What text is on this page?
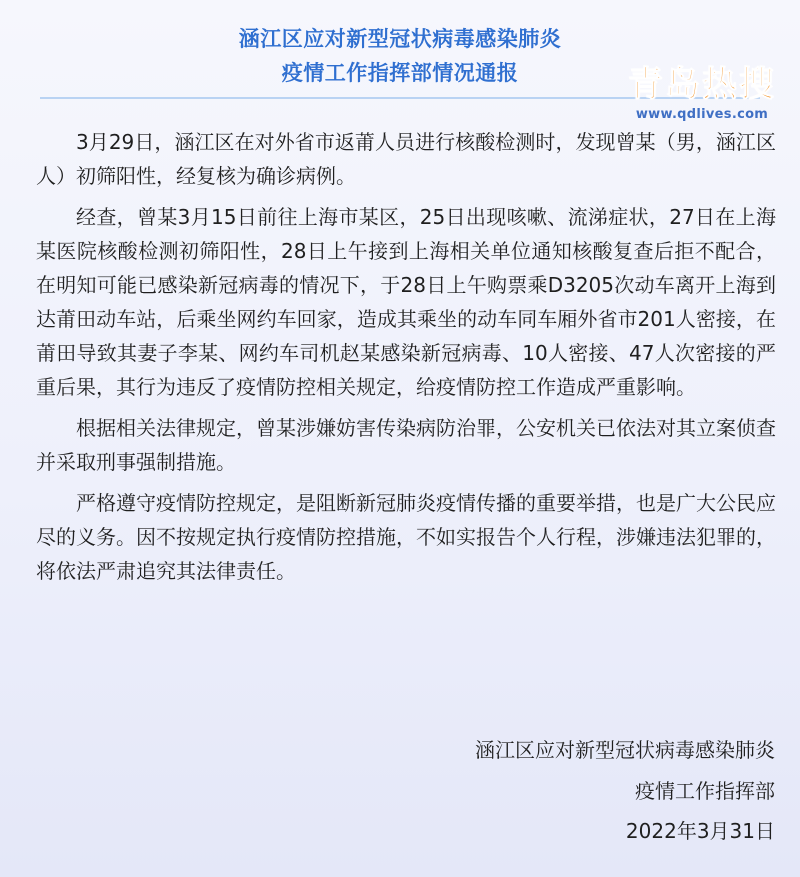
涵江区应对新型冠状病毒感染肺炎
疫情工作指挥部情况通报	青岛热搜
www.qdlives.com

3月29日，涵江区在对外省市返莆人员进行核酸检测时，发现曾某（男，涵江区人）初筛阳性，经复核为确诊病例。

经查，曾某3月15日前往上海市某区，25日出现咳嗽、流涕症状，27日在上海某医院核酸检测初筛阳性，28日上午接到上海相关单位通知核酸复查后拒不配合，在明知可能已感染新冠病毒的情况下，于28日上午购票乘D3205次动车离开上海到达莆田动车站，后乘坐网约车回家，造成其乘坐的动车同车厢外省市201人密接，在莆田导致其妻子李某、网约车司机赵某感染新冠病毒、10人密接、47人次密接的严重后果，其行为违反了疫情防控相关规定，给疫情防控工作造成严重影响。

根据相关法律规定，曾某涉嫌妨害传染病防治罪，公安机关已依法对其立案侦查并采取刑事强制措施。

严格遵守疫情防控规定，是阻断新冠肺炎疫情传播的重要举措，也是广大公民应尽的义务。因不按规定执行疫情防控措施，不如实报告个人行程，涉嫌违法犯罪的，将依法严肃追究其法律责任。

涵江区应对新型冠状病毒感染肺炎
疫情工作指挥部
2022年3月31日
